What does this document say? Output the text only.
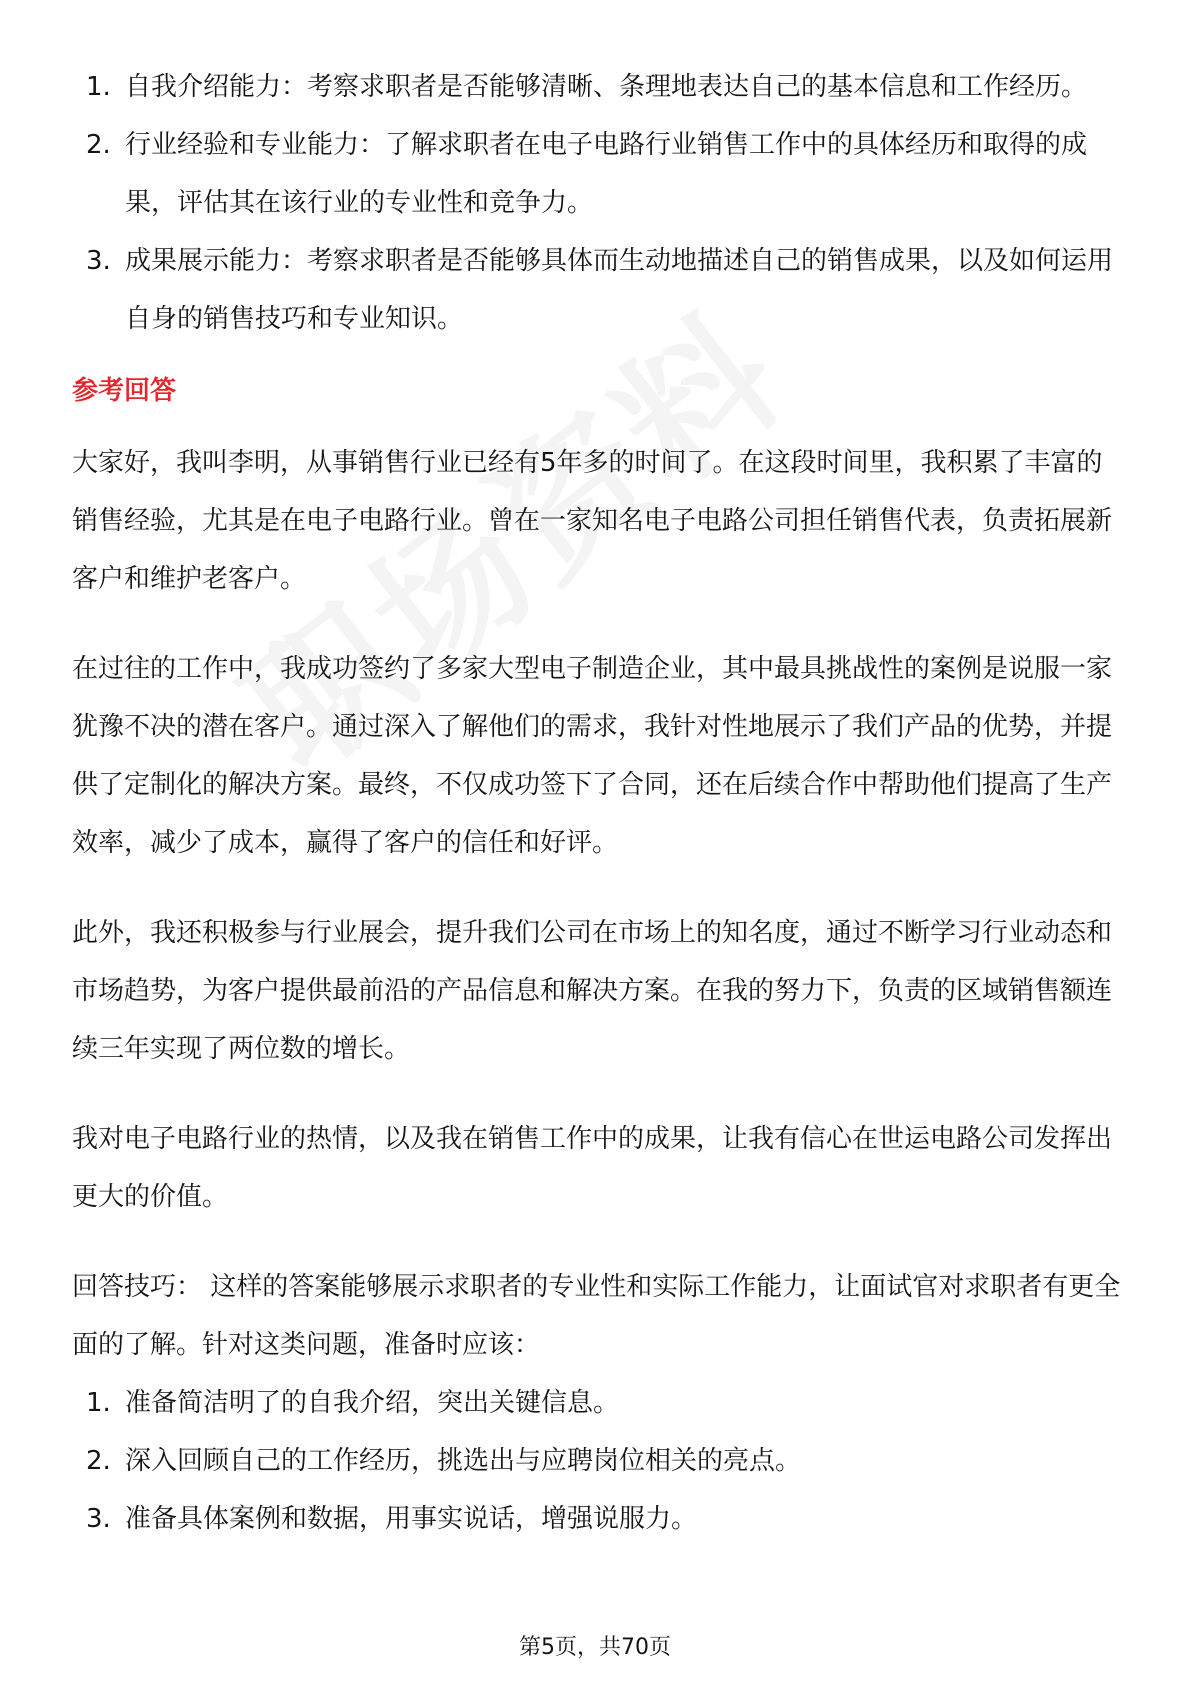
1. 自我介绍能力：考察求职者是否能够清晰、条理地表达自己的基本信息和工作经历。
2. 行业经验和专业能力：了解求职者在电子电路行业销售工作中的具体经历和取得的成果，评估其在该行业的专业性和竞争力。
3. 成果展示能力：考察求职者是否能够具体而生动地描述自己的销售成果，以及如何运用自身的销售技巧和专业知识。
参考回答

大家好，我叫李明，从事销售行业已经有5年多的时间了。在这段时间里，我积累了丰富的销售经验，尤其是在电子电路行业。曾在一家知名电子电路公司担任销售代表，负责拓展新客户和维护老客户。

在过往的工作中，我成功签约了多家大型电子制造企业，其中最具挑战性的案例是说服一家犹豫不决的潜在客户。通过深入了解他们的需求，我针对性地展示了我们产品的优势，并提供了定制化的解决方案。最终，不仅成功签下了合同，还在后续合作中帮助他们提高了生产效率，减少了成本，赢得了客户的信任和好评。

此外，我还积极参与行业展会，提升我们公司在市场上的知名度，通过不断学习行业动态和市场趋势，为客户提供最前沿的产品信息和解决方案。在我的努力下，负责的区域销售额连续三年实现了两位数的增长。

我对电子电路行业的热情，以及我在销售工作中的成果，让我有信心在世运电路公司发挥出更大的价值。

回答技巧： 这样的答案能够展示求职者的专业性和实际工作能力，让面试官对求职者有更全面的了解。针对这类问题，准备时应该：

1. 准备简洁明了的自我介绍，突出关键信息。
2. 深入回顾自己的工作经历，挑选出与应聘岗位相关的亮点。
3. 准备具体案例和数据，用事实说话，增强说服力。
第5页，共70页
